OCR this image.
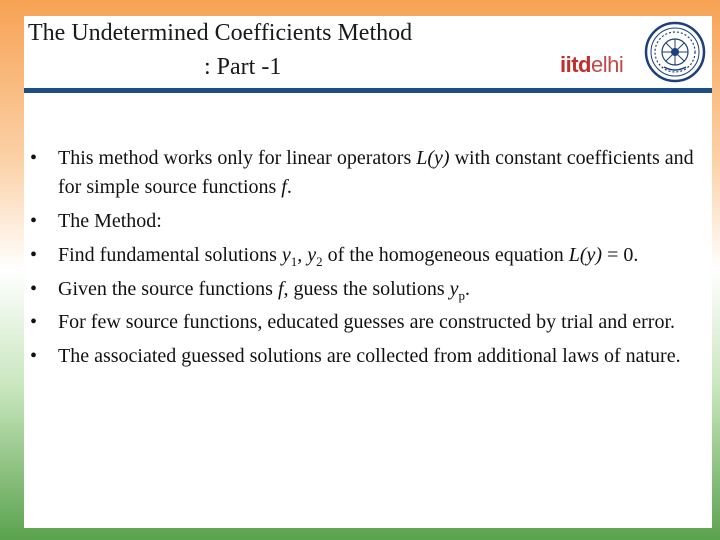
The Undetermined Coefficients Method
: Part -1	iitdelhi
• This method works only for linear operators L(y) with constant coefficients and for simple source functions f.
• The Method:
• Find fundamental solutions $y_1$, $y_2$ of the homogeneous equation L(y) = 0.
• Given the source functions f, guess the solutions $y_p$.
• For few source functions, educated guesses are constructed by trial and error.
• The associated guessed solutions are collected from additional laws of nature.
